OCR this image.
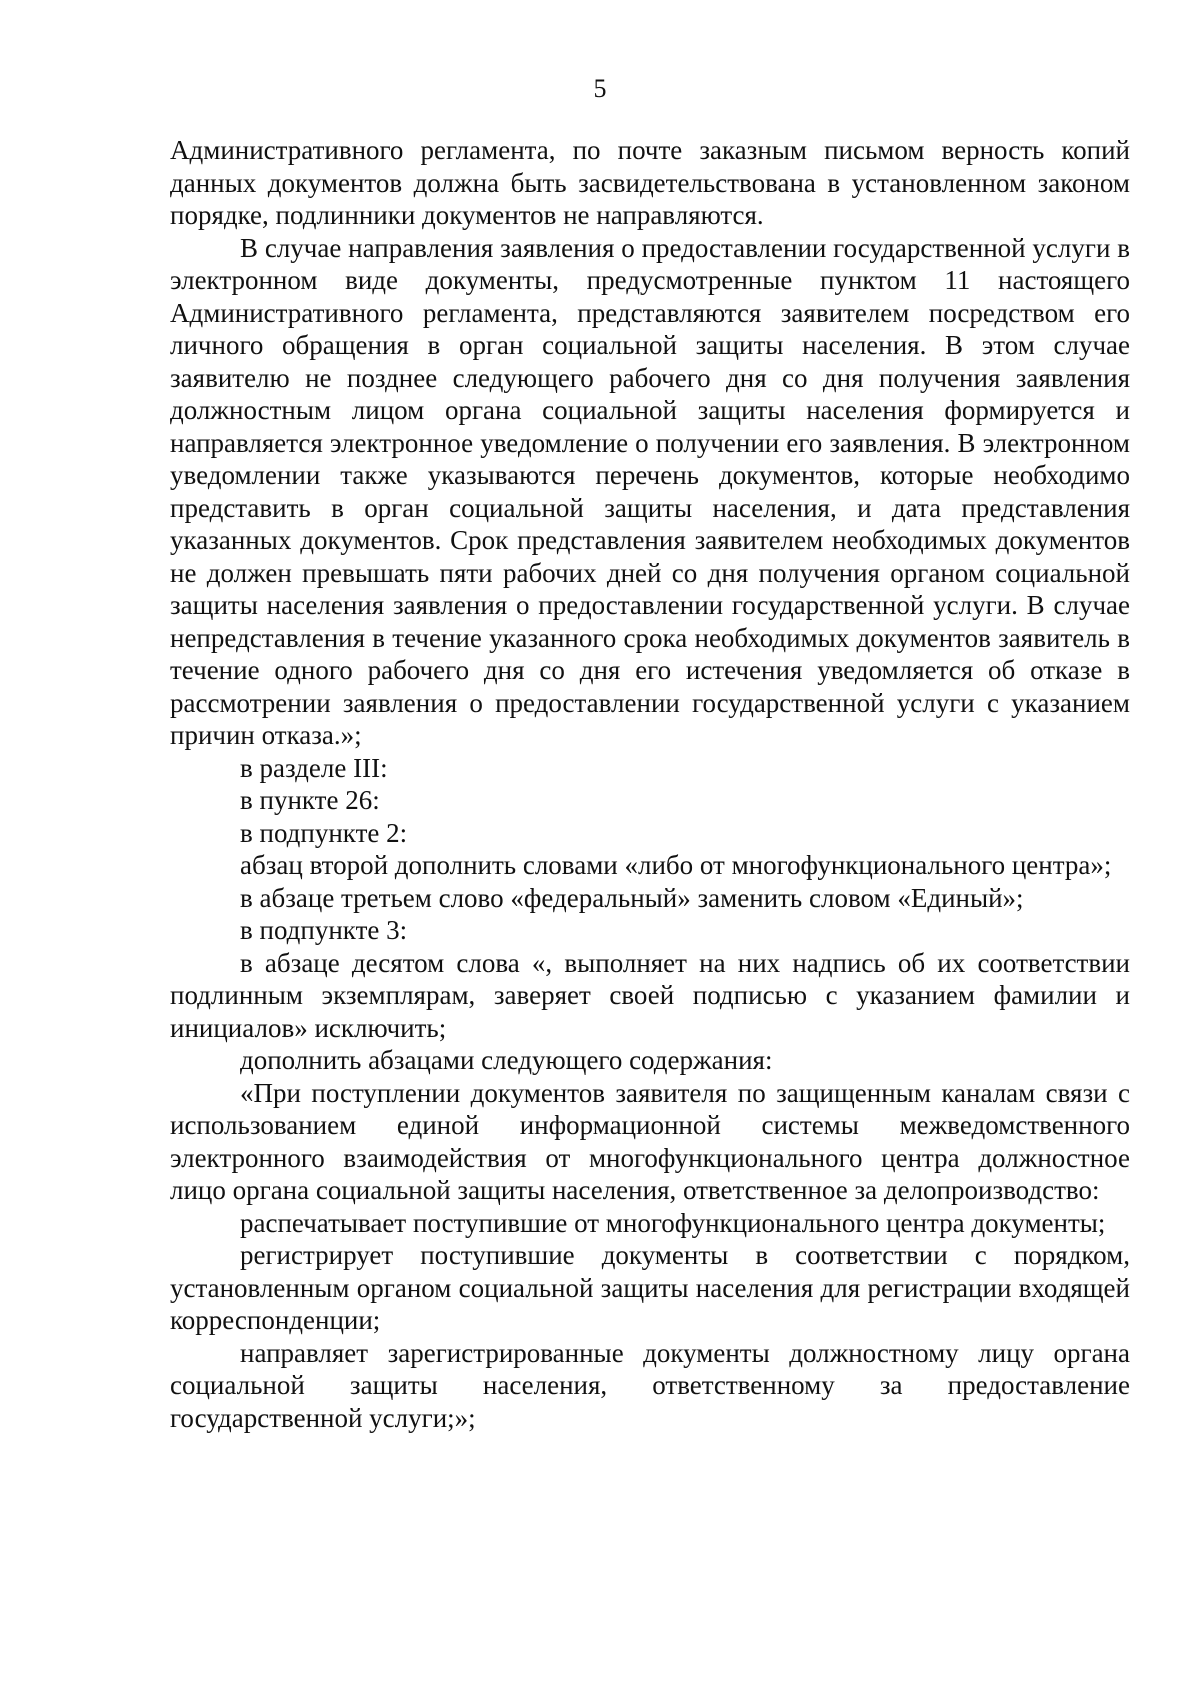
5

Административного регламента, по почте заказным письмом верность копий данных документов должна быть засвидетельствована в установленном законом порядке, подлинники документов не направляются.

В случае направления заявления о предоставлении государственной услуги в электронном виде документы, предусмотренные пунктом 11 настоящего Административного регламента, представляются заявителем посредством его личного обращения в орган социальной защиты населения. В этом случае заявителю не позднее следующего рабочего дня со дня получения заявления должностным лицом органа социальной защиты населения формируется и направляется электронное уведомление о получении его заявления. В электронном уведомлении также указываются перечень документов, которые необходимо представить в орган социальной защиты населения, и дата представления указанных документов. Срок представления заявителем необходимых документов не должен превышать пяти рабочих дней со дня получения органом социальной защиты населения заявления о предоставлении государственной услуги. В случае непредставления в течение указанного срока необходимых документов заявитель в течение одного рабочего дня со дня его истечения уведомляется об отказе в рассмотрении заявления о предоставлении государственной услуги с указанием причин отказа.»;

в разделе III:

в пункте 26:

в подпункте 2:

абзац второй дополнить словами «либо от многофункционального центра»;

в абзаце третьем слово «федеральный» заменить словом «Единый»;

в подпункте 3:

в абзаце десятом слова «, выполняет на них надпись об их соответствии подлинным экземплярам, заверяет своей подписью с указанием фамилии и инициалов» исключить;

дополнить абзацами следующего содержания:

«При поступлении документов заявителя по защищенным каналам связи с использованием единой информационной системы межведомственного электронного взаимодействия от многофункционального центра должностное лицо органа социальной защиты населения, ответственное за делопроизводство:

распечатывает поступившие от многофункционального центра документы;

регистрирует поступившие документы в соответствии с порядком, установленным органом социальной защиты населения для регистрации входящей корреспонденции;

направляет зарегистрированные документы должностному лицу органа социальной защиты населения, ответственному за предоставление государственной услуги;»;
